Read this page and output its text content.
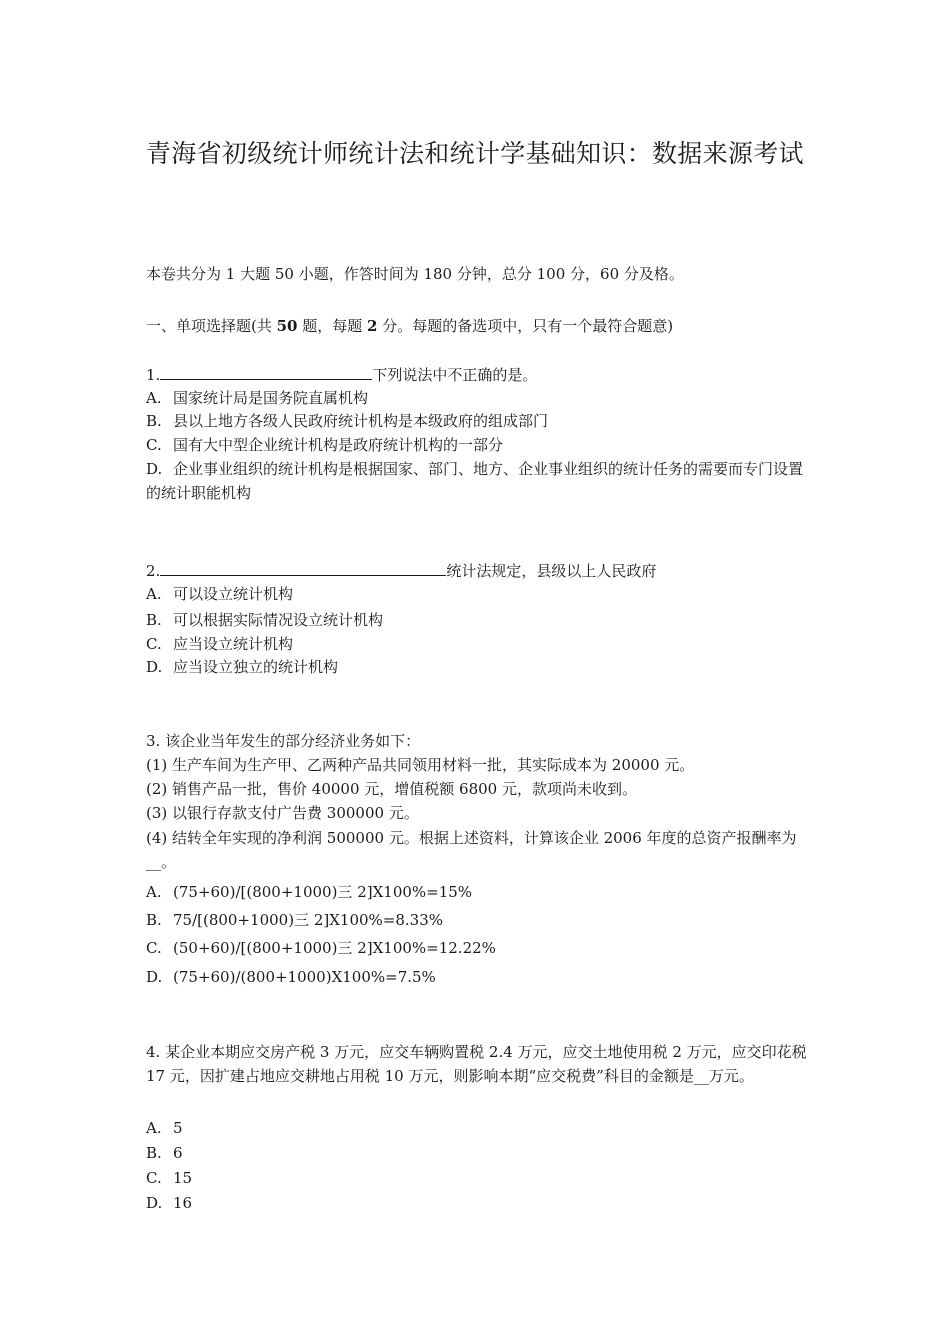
青海省初级统计师统计法和统计学基础知识：数据来源考试
本卷共分为 1 大题 50 小题，作答时间为 180 分钟，总分 100 分，60 分及格。
一、单项选择题(共 50 题，每题 2 分。每题的备选项中，只有一个最符合题意)
1.	下列说法中不正确的是。
A. 国家统计局是国务院直属机构
B. 县以上地方各级人民政府统计机构是本级政府的组成部门
C. 国有大中型企业统计机构是政府统计机构的一部分
D. 企业事业组织的统计机构是根据国家、部门、地方、企业事业组织的统计任务的需要而专门设置的统计职能机构
2.	统计法规定，县级以上人民政府
A. 可以设立统计机构
B. 可以根据实际情况设立统计机构
C. 应当设立统计机构
D. 应当设立独立的统计机构
3. 该企业当年发生的部分经济业务如下：
(1) 生产车间为生产甲、乙两种产品共同领用材料一批，其实际成本为 20000 元。
(2) 销售产品一批，售价 40000 元，增值税额 6800 元，款项尚未收到。
(3) 以银行存款支付广告费 300000 元。
(4) 结转全年实现的净利润 500000 元。根据上述资料，计算该企业 2006 年度的总资产报酬率为__。
A. (75+60)/[(800+1000)三 2]X100%=15%
B. 75/[(800+1000)三 2]X100%=8.33%
C. (50+60)/[(800+1000)三 2]X100%=12.22%
D. (75+60)/(800+1000)X100%=7.5%
4. 某企业本期应交房产税 3 万元，应交车辆购置税 2.4 万元，应交土地使用税 2 万元，应交印花税 17 元，因扩建占地应交耕地占用税 10 万元，则影响本期“应交税费”科目的金额是__万元。
A. 5
B. 6
C. 15
D. 16
